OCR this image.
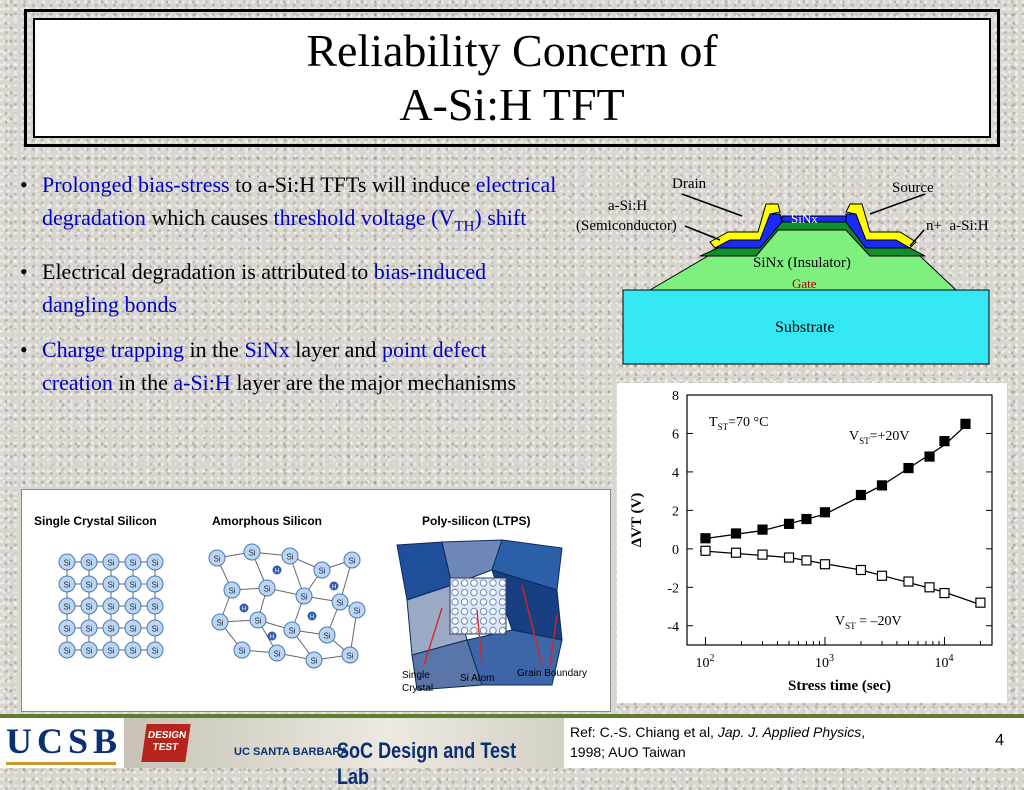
Reliability Concern of
A-Si:H TFT
• Prolonged bias-stress to a-Si:H TFTs will induce electrical degradation which causes threshold voltage $(V_{TH})$ shift
• Electrical degradation is attributed to bias-induced dangling bonds
• Charge trapping in the SiNx layer and point defect creation in the a-Si:H layer are the major mechanisms
Drain	Source
a-Si:H
(Semiconductor)	SiNx	n+  a-Si:H
SiNx (Insulator)
Gate
Substrate
-4
-2
0
2
4
6
8
$10^2$	$10^3$	$10^4$
Stress time (sec)
ΔVT (V)
$T_{ST}=70$ °C
$V_{ST}=+20V$
$V_{ST} = -20V$
Single Crystal Silicon	Amorphous Silicon	Poly-silicon (LTPS)
Si Si Si Si Si
Si Si Si Si Si
Si Si Si Si Si
Si Si Si Si Si
Si Si Si Si Si
Si
Si	Si
Si
Si
Si	Si
Si
Si
Si	Si
Si
Si
Si
Si	Si
Si
Si
H
H
H
H
H
Single
Crystal
Si Atom Grain Boundary
UCSB	DESIGN
TEST	UC SANTA BARBARA
SoC Design and Test Lab
Ref: C.-S. Chiang et al, Jap. J. Applied Physics, 1998; AUO Taiwan
4
